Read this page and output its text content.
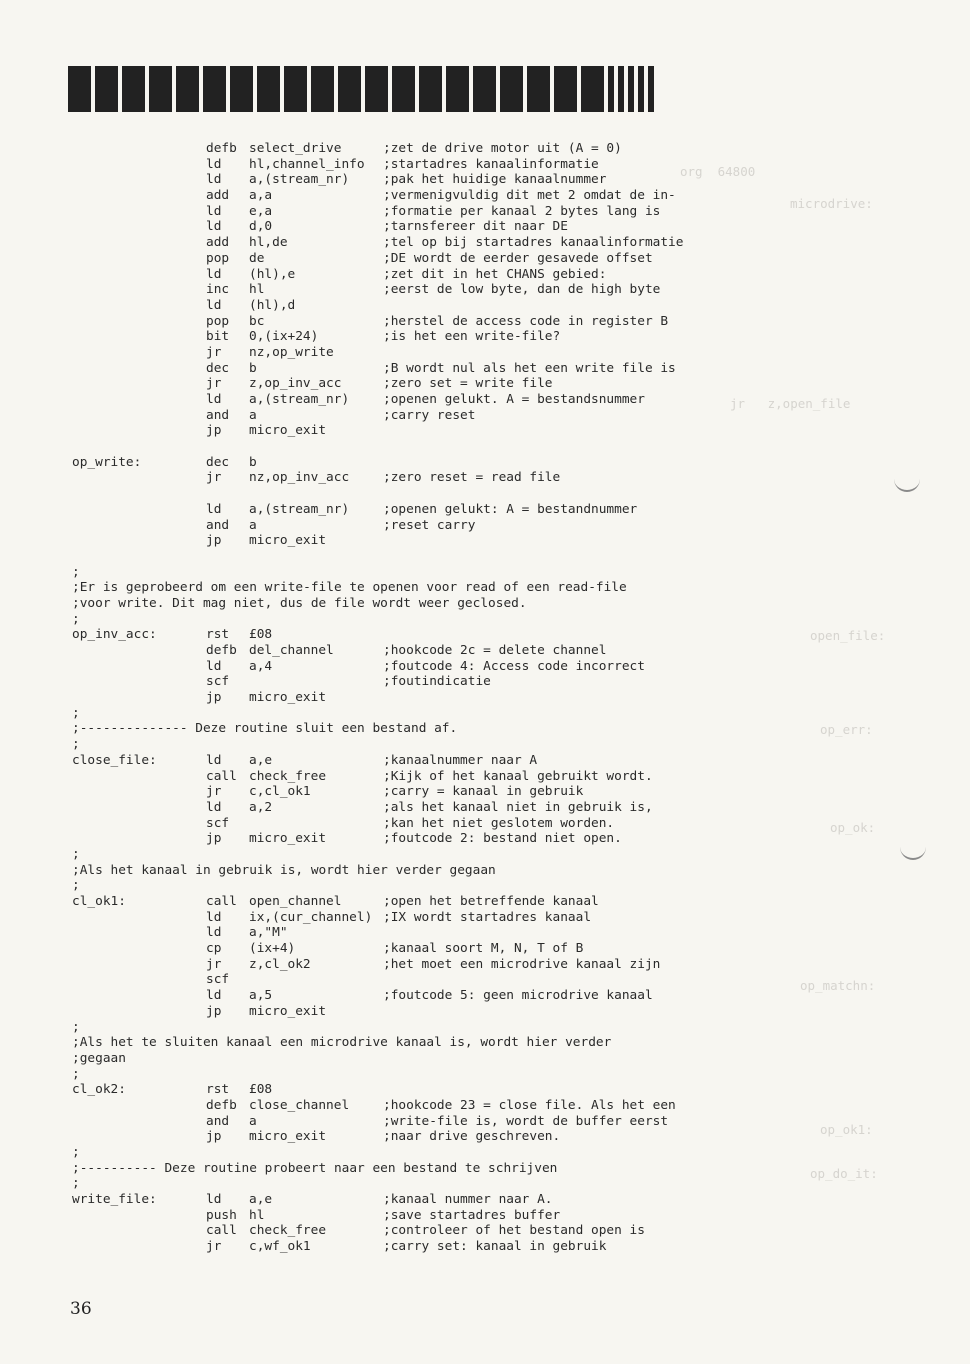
org  64800
microdrive:
jr   z,open_file
open_file:
op_err:
op_ok:
op_matchn:
op_ok1:
op_do_it:
defb select_drive	;zet de drive motor uit (A = 0)
ld hl,channel_info ;startadres kanaalinformatie
ld a,(stream_nr)	;pak het huidige kanaalnummer
add a,a	;vermenigvuldig dit met 2 omdat de in-
ld e,a	;formatie per kanaal 2 bytes lang is
ld d,0	;tarnsfereer dit naar DE
add hl,de	;tel op bij startadres kanaalinformatie
pop de	;DE wordt de eerder gesavede offset
ld (hl),e	;zet dit in het CHANS gebied:
inc hl	;eerst de low byte, dan de high byte
ld (hl),d
pop bc	;herstel de access code in register B
bit 0,(ix+24)	;is het een write-file?
jr nz,op_write
dec b	;B wordt nul als het een write file is
jr z,op_inv_acc	;zero set = write file
ld a,(stream_nr)	;openen gelukt. A = bestandsnummer
and a	;carry reset
jp micro_exit
op_write:	dec b
jr nz,op_inv_acc	;zero reset = read file
ld a,(stream_nr)	;openen gelukt: A = bestandnummer
and a	;reset carry
jp micro_exit
;
;Er is geprobeerd om een write-file te openen voor read of een read-file
;voor write. Dit mag niet, dus de file wordt weer geclosed.
;
op_inv_acc:	rst £08
defb del_channel	;hookcode 2c = delete channel
ld a,4	;foutcode 4: Access code incorrect
scf	;foutindicatie
jp micro_exit
;
;-------------- Deze routine sluit een bestand af.
;
close_file:	ld a,e	;kanaalnummer naar A
call check_free	;Kijk of het kanaal gebruikt wordt.
jr c,cl_ok1	;carry = kanaal in gebruik
ld a,2	;als het kanaal niet in gebruik is,
scf	;kan het niet geslotem worden.
jp micro_exit	;foutcode 2: bestand niet open.
;
;Als het kanaal in gebruik is, wordt hier verder gegaan
;
cl_ok1:	call open_channel	;open het betreffende kanaal
ld ix,(cur_channel) ;IX wordt startadres kanaal
ld a,"M"
cp (ix+4)	;kanaal soort M, N, T of B
jr z,cl_ok2	;het moet een microdrive kanaal zijn
scf
ld a,5	;foutcode 5: geen microdrive kanaal
jp micro_exit
;
;Als het te sluiten kanaal een microdrive kanaal is, wordt hier verder
;gegaan
;
cl_ok2:	rst £08
defb close_channel	;hookcode 23 = close file. Als het een
and a	;write-file is, wordt de buffer eerst
jp micro_exit	;naar drive geschreven.
;
;---------- Deze routine probeert naar een bestand te schrijven
;
write_file:	ld a,e	;kanaal nummer naar A.
push hl	;save startadres buffer
call check_free	;controleer of het bestand open is
jr c,wf_ok1	;carry set: kanaal in gebruik
36
